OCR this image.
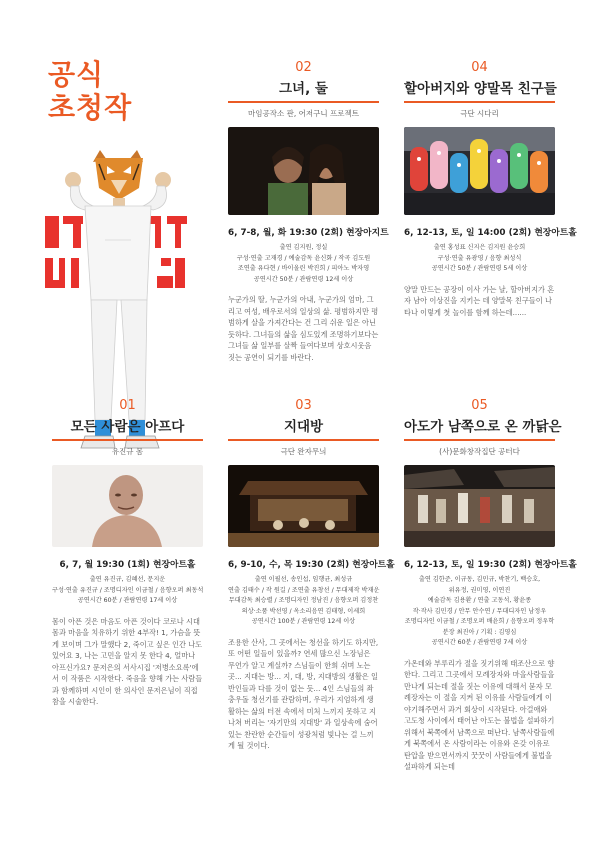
공식
초청작
02
그녀, 둘
마임공작소 판, 어저구니 프로젝트
6, 7-8, 월, 화 19:30 (2회) 현장아지트
출연 김지원, 정실
구성·연출 고재경 / 예술감독 윤신화 / 작곡 김도원
조연출 유다현 / 바이올린 박진희 / 피아노 박자영
공연시간 50분 / 관람연령 12세 이상
누군가의 딸, 누군가의 아내, 누군가의 엄마, 그리고 여성, 배우로서의 일상의 삶. 평범하지만 평범하게 살을 가져간다는 건 그리 쉬운 일은 아닌듯하다. 그녀들의 삶을 심도있게 조명하기보다는 그녀들 삶 일부를 살짝 들여다보며 상호시웃음 짓는 공연이 되기를 바란다.
04
할아버지와 양말목 친구들
극단 시다리
6, 12-13, 토, 일 14:00 (2회) 현장아트홀
출연 홍성표 신지은 김지원 윤승희
구성·연출 유광영 / 음향 최성식
공연시간 50분 / 관람연령 5세 이상
양말 만드는 공장이 이사 가는 날, 할아버지가 혼자 남아 이상진을 지키는 데 양말목 친구들이 나타나 이렇게 첫 놀이를 함께 하는데......
01
모든 사람은 아프다
유진규 몸
6, 7, 월 19:30 (1회) 현장아트홀
출연 유진규, 김혜선, 문지운
구성·연출 유진규 / 조명디자인 이금철 / 음향오퍼 최동석
공연시간 60분 / 관람연령 17세 이상
몸이 아픈 것은 마음도 아픈 것이다 코로나 시대 몸과 마음을 치유하기 위한 4부작! 1, 가슴을 뜻게 보이며 그가 말했다 2, 죽이고 싶은 인간 나도 있어요 3, 나는 고민을 알지 못 한다 4, 얼마나 아프신가요? 문저은의 서사시집 '저병소요록'에서 이 작품은 시작한다. 죽음을 향해 가는 사람들과 함께하며 시인이 한 의사인 문저은님이 직접 참을 시술한다.
03
지대방
극단 완자무늬
6, 9-10, 수, 목 19:30 (2회) 현장아트홀
출연 이필선, 송인섭, 임행균, 최성규
연출 김태수 / 작 원길 / 조연출 유창선 / 무대제작 박재운
무대감독 최승렬 / 조명디자인 정남진 / 음향오퍼 김정찬
의상·소품 박선영 / 옥소리음연 김태형, 이세희
공연시간 100분 / 관람연령 12세 이상
조용한 산사, 그 곳에서는 청선을 하기도 하지만, 또 어떤 일들이 있을까? 연세 많으신 노장님은 무언가 알고 계실까? 스님들이 한희 쉬며 노는 곳... 지대는 방... 지, 대, 방, 지대방의 생활은 일반인들과 다를 것이 없는 듯... 4인 스님들의 좌충우돌 청선기를 관람하며, 우리가 지엄하게 생활하는 삶의 터전 속에서 미처 느끼지 못하고 지나쳐 버리는 '자기만의 지대방' 과 일상속에 숨어있는 찬란한 순간들이 성광처럼 빛나는 걸 느끼게 될 것이다.
05
아도가 남쪽으로 온 까닭은
(사)문화창작집단 공터다
6, 12-13, 토, 일 19:30 (2회) 현장아트홀
출연 김한준, 이규동, 김민규, 박찬기, 백승호,
위유정, 권미영, 이연진
예술감독 김용환 / 연출 고동석, 황윤종
작·작사 김민경 / 안무 안수연 / 무대디자인 남정우
조명디자인 이금철 / 조명오퍼 배윤희 / 음향오퍼 정우학
분장 최진아 / 기획 : 김영심
공연시간 60분 / 관람연령 7세 이상
가온데와 부루리가 절을 짓기위해 태조산으로 향한다. 그리고 그곳에서 모례장자와 마을사람들을 만나게 되는데 절을 짓는 이유에 대해서 묻자 모례장자는 이 절을 지켜 된 이유를 사람들에게 이야기해주면서 과거 회상이 시작된다. 아걸애와 고도청 사이에서 태어난 아도는 불법을 설파하기 위해서 북쪽에서 남쪽으로 떠난다. 남쪽사람들에게 북쪽에서 온 사람이라는 이유와 온갖 이유로 탄압을 받으면서까지 꿋꿋이 사람들에게 불법을 설파하게 되는데
